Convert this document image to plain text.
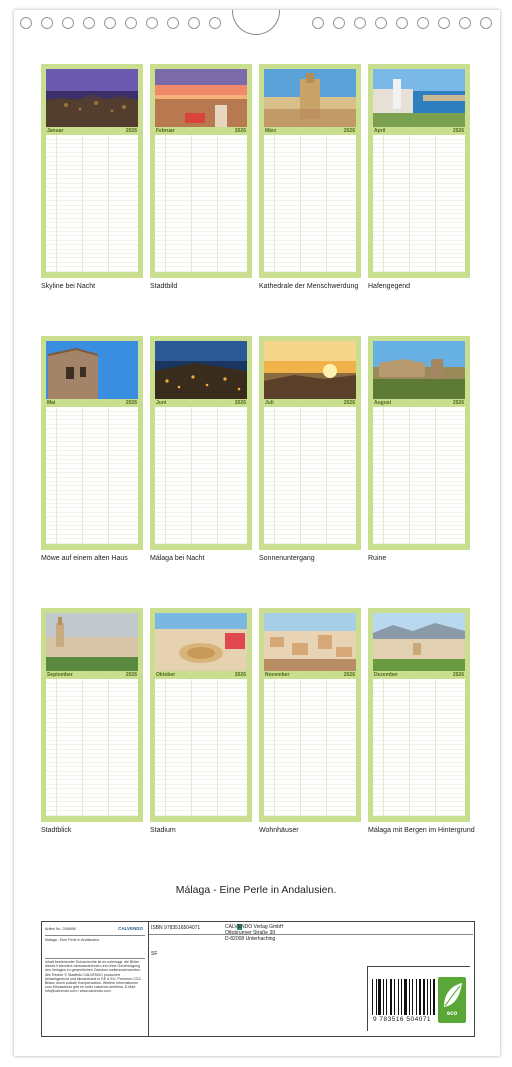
Januar	2026
Skyline bei Nacht
Februar	2026
Stadtbild
März	2026
Kathedrale der Menschwerdung
April	2026
Hafengegend
Mai	2026
Möwe auf einem alten Haus
Juni	2026
Málaga bei Nacht
Juli	2026
Sonnenuntergang
August	2026
Ruine
September	2026
Stadtblick
Oktober	2026
Stadium
November	2026
Wohnhäuser
Dezember	2026
Málaga mit Bergen im Hintergrund
Málaga - Eine Perle in Andalusien.
Artikel Nr.: 2065f96	CALVENDO
Málaga - Eine Perle in Andalusien.
Inhalt bestehender Schutzrechte ist es untersagt, die Bilder dieses Kalenders herauszutrennen und ohne Genehmigung des Verlages zu gewerblichen Zwecken weiterzuverwenden. Alle Rechte © Stadtfoto CALVENDO produziert bedarfsgerecht und klimaneutral in DE & EU. Premium-CO2-Bilanz durch soziale Kompensation. Weitere Informationen zum Klimaschutz gibt es unter calvendo.de/klima. E-Mail: info@calvendo.com ▪ www.calvendo.com
ISBN 9783516504071
SF
CALVENDO Verlag GmbH
Ottobrunner Straße 39
D-82008 Unterhaching
9 783516 504071
eco
